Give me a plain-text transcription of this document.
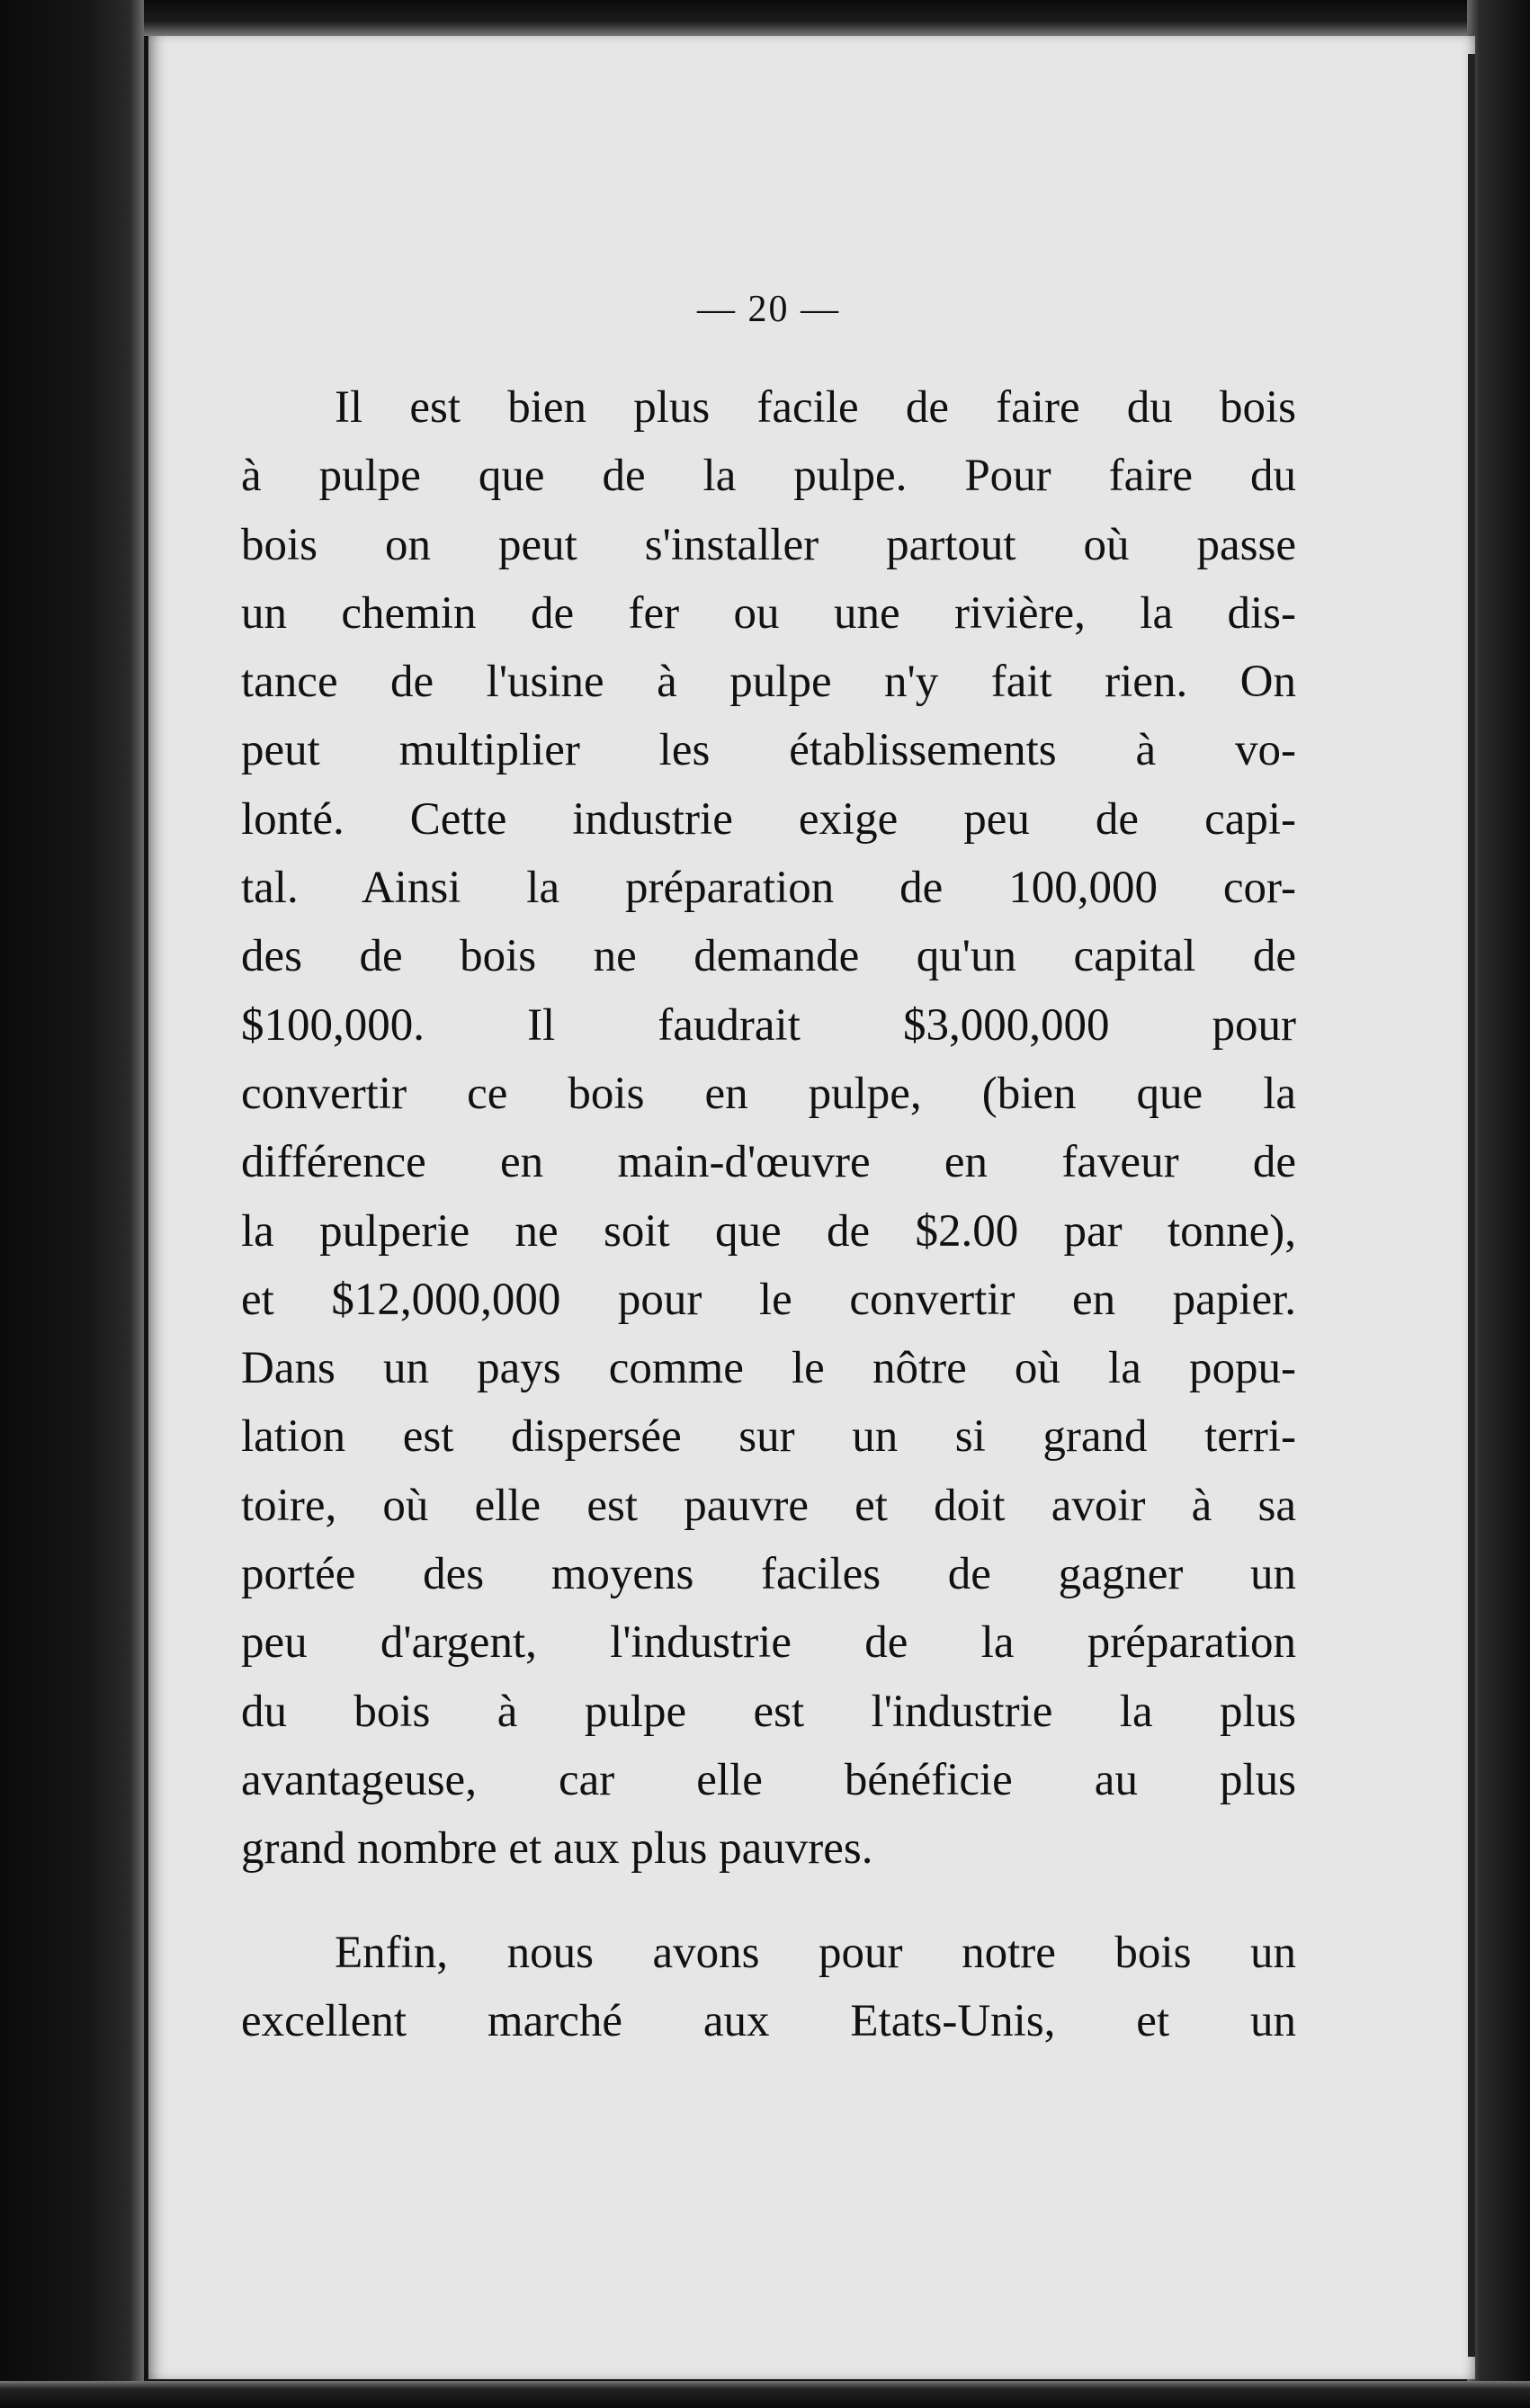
— 20 —
Il est bien plus facile de faire du bois
à pulpe que de la pulpe. Pour faire du
bois on peut s'installer partout où passe
un chemin de fer ou une rivière, la dis-
tance de l'usine à pulpe n'y fait rien. On
peut multiplier les établissements à vo-
lonté. Cette industrie exige peu de capi-
tal. Ainsi la préparation de 100,000 cor-
des de bois ne demande qu'un capital de
$100,000. Il faudrait $3,000,000 pour
convertir ce bois en pulpe, (bien que la
différence en main-d'œuvre en faveur de
la pulperie ne soit que de $2.00 par tonne),
et $12,000,000 pour le convertir en papier.
Dans un pays comme le nôtre où la popu-
lation est dispersée sur un si grand terri-
toire, où elle est pauvre et doit avoir à sa
portée des moyens faciles de gagner un
peu d'argent, l'industrie de la préparation
du bois à pulpe est l'industrie la plus
avantageuse, car elle bénéficie au plus
grand nombre et aux plus pauvres.
Enfin, nous avons pour notre bois un
excellent marché aux Etats-Unis, et un
